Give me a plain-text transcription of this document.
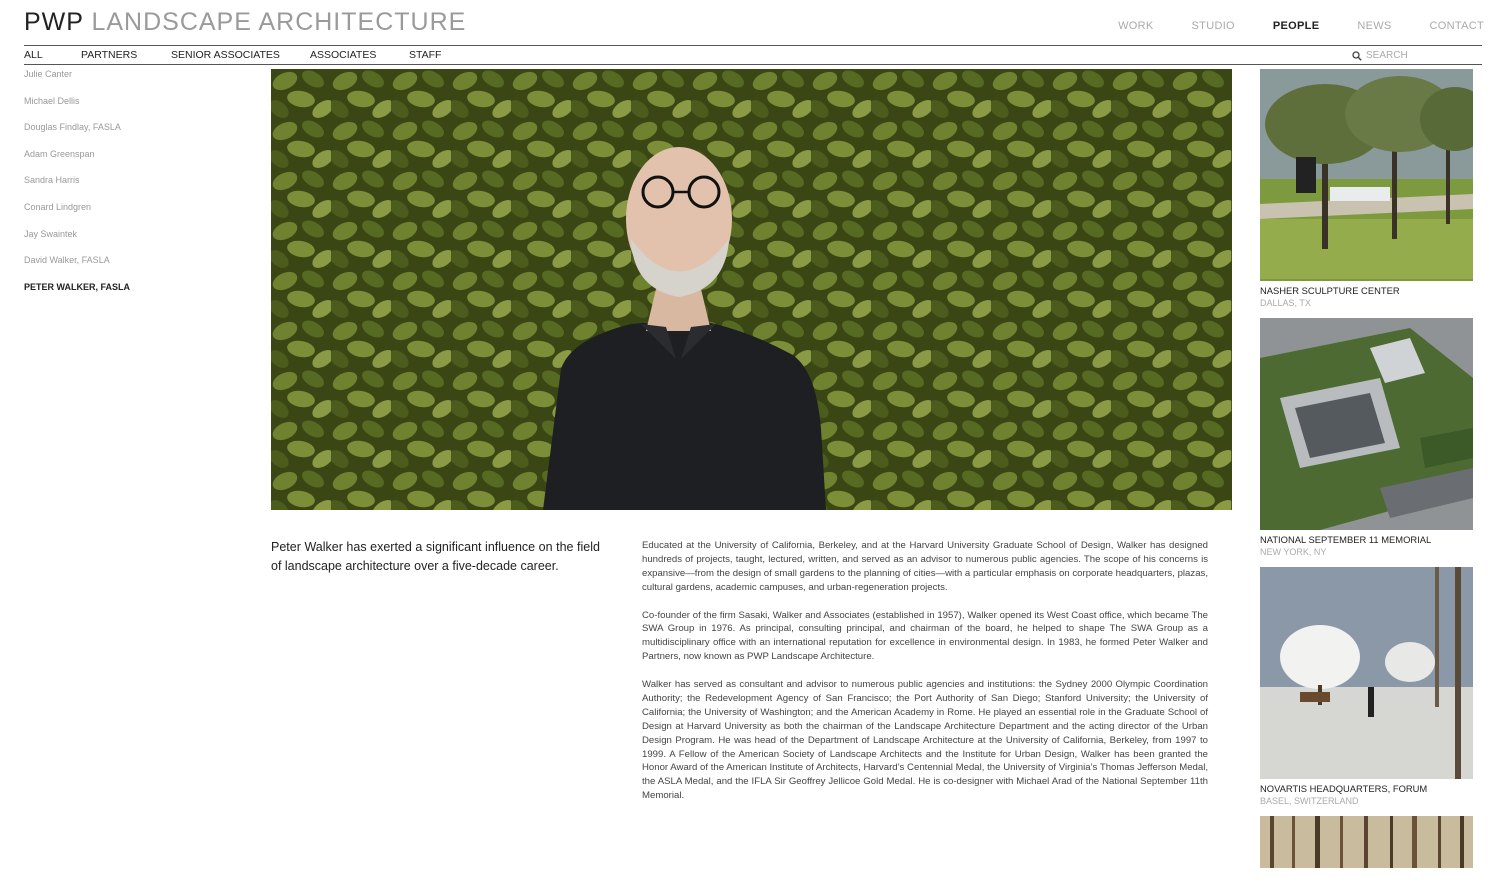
PWP LANDSCAPE ARCHITECTURE	WORK	STUDIO	PEOPLE	NEWS	CONTACT
ALL	PARTNERS	SENIOR ASSOCIATES	ASSOCIATES	STAFF
SEARCH
Julie Canter
Michael Dellis
Douglas Findlay, FASLA
Adam Greenspan
Sandra Harris
Conard Lindgren
Jay Swaintek
David Walker, FASLA
PETER WALKER, FASLA

Peter Walker has exerted a significant influence on the field of landscape architecture over a five-decade career.

Educated at the University of California, Berkeley, and at the Harvard University Graduate School of Design, Walker has designed hundreds of projects, taught, lectured, written, and served as an advisor to numerous public agencies. The scope of his concerns is expansive—from the design of small gardens to the planning of cities—with a particular emphasis on corporate headquarters, plazas, cultural gardens, academic campuses, and urban-regeneration projects.

Co-founder of the firm Sasaki, Walker and Associates (established in 1957), Walker opened its West Coast office, which became The SWA Group in 1976. As principal, consulting principal, and chairman of the board, he helped to shape The SWA Group as a multidisciplinary office with an international reputation for excellence in environmental design. In 1983, he formed Peter Walker and Partners, now known as PWP Landscape Architecture.

Walker has served as consultant and advisor to numerous public agencies and institutions: the Sydney 2000 Olympic Coordination Authority; the Redevelopment Agency of San Francisco; the Port Authority of San Diego; Stanford University; the University of California; the University of Washington; and the American Academy in Rome. He played an essential role in the Graduate School of Design at Harvard University as both the chairman of the Landscape Architecture Department and the acting director of the Urban Design Program. He was head of the Department of Landscape Architecture at the University of California, Berkeley, from 1997 to 1999. A Fellow of the American Society of Landscape Architects and the Institute for Urban Design, Walker has been granted the Honor Award of the American Institute of Architects, Harvard’s Centennial Medal, the University of Virginia’s Thomas Jefferson Medal, the ASLA Medal, and the IFLA Sir Geoffrey Jellicoe Gold Medal. He is co-designer with Michael Arad of the National September 11th Memorial.

NASHER SCULPTURE CENTER
DALLAS, TX
NATIONAL SEPTEMBER 11 MEMORIAL
NEW YORK, NY
NOVARTIS HEADQUARTERS, FORUM
BASEL, SWITZERLAND
